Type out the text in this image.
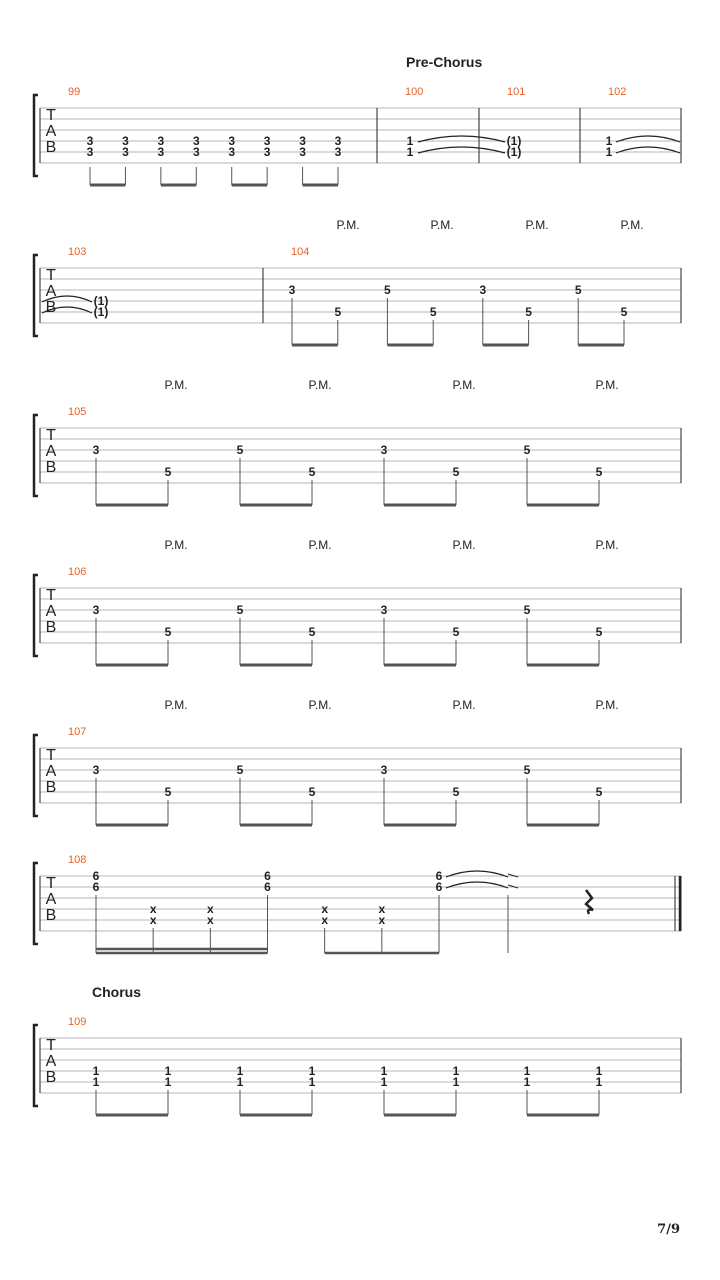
Pre-Chorus
Chorus
T
A
B
99	100	101	102
T
A
B
103	104
T
A
B
105
T
A
B
106
T
A
B
107
T
A
B
108
T
A
B
109
3
3
3
3
3
3
3
3
3
3
3
3
3
3
3
3
1
1
(1)
(1)
1
1
(1)
(1)
3
5
5
5
3
5
5
5
P.M.	P.M.	P.M.	P.M.
3
5
5
5
3
5
5
5
P.M.	P.M.	P.M.	P.M.
3
5
5
5
3
5
5
5
P.M.	P.M.	P.M.	P.M.
3
5
5
5
3
5
5
5
P.M.	P.M.	P.M.	P.M.
6
6
x
x
x
x
6
6
x
x
x
x
6
6
1
1
1
1
1
1
1
1
1
1
1
1
1
1
1
1
7/9
